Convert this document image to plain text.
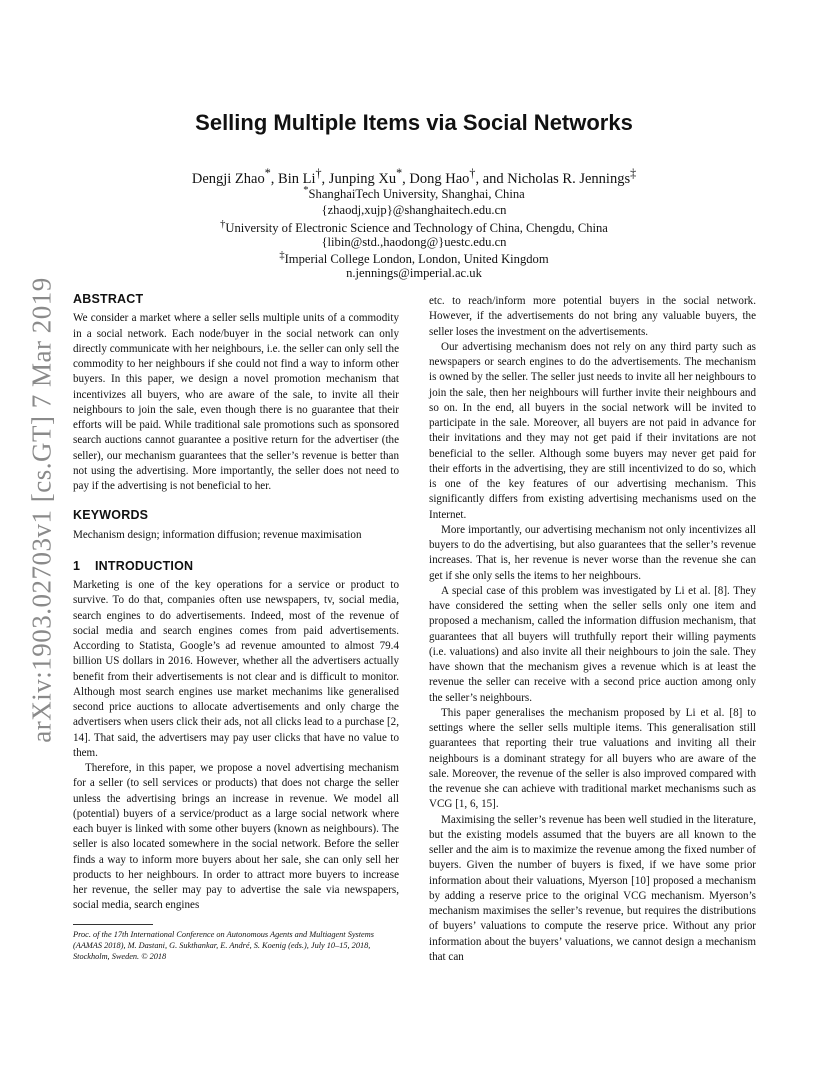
arXiv:1903.02703v1 [cs.GT] 7 Mar 2019
Selling Multiple Items via Social Networks
Dengji Zhao*, Bin Li†, Junping Xu*, Dong Hao†, and Nicholas R. Jennings‡
*ShanghaiTech University, Shanghai, China
{zhaodj,xujp}@shanghaitech.edu.cn
†University of Electronic Science and Technology of China, Chengdu, China
{libin@std.,haodong@}uestc.edu.cn
‡Imperial College London, London, United Kingdom
n.jennings@imperial.ac.uk
ABSTRACT

We consider a market where a seller sells multiple units of a commodity in a social network. Each node/buyer in the social network can only directly communicate with her neighbours, i.e. the seller can only sell the commodity to her neighbours if she could not find a way to inform other buyers. In this paper, we design a novel promotion mechanism that incentivizes all buyers, who are aware of the sale, to invite all their neighbours to join the sale, even though there is no guarantee that their efforts will be paid. While traditional sale promotions such as sponsored search auctions cannot guarantee a positive return for the advertiser (the seller), our mechanism guarantees that the seller’s revenue is better than not using the advertising. More importantly, the seller does not need to pay if the advertising is not beneficial to her.

KEYWORDS

Mechanism design; information diffusion; revenue maximisation

1 INTRODUCTION

Marketing is one of the key operations for a service or product to survive. To do that, companies often use newspapers, tv, social media, search engines to do advertisements. Indeed, most of the revenue of social media and search engines comes from paid advertisements. According to Statista, Google’s ad revenue amounted to almost 79.4 billion US dollars in 2016. However, whether all the advertisers actually benefit from their advertisements is not clear and is difficult to monitor. Although most search engines use market mechanims like generalised second price auctions to allocate advertisements and only charge the advertisers when users click their ads, not all clicks lead to a purchase [2, 14]. That said, the advertisers may pay user clicks that have no value to them.

Therefore, in this paper, we propose a novel advertising mechanism for a seller (to sell services or products) that does not charge the seller unless the advertising brings an increase in revenue. We model all (potential) buyers of a service/product as a large social network where each buyer is linked with some other buyers (known as neighbours). The seller is also located somewhere in the social network. Before the seller finds a way to inform more buyers about her sale, she can only sell her products to her neighbours. In order to attract more buyers to increase her revenue, the seller may pay to advertise the sale via newspapers, social media, search engines

Proc. of the 17th International Conference on Autonomous Agents and Multiagent Systems (AAMAS 2018), M. Dastani, G. Sukthankar, E. André, S. Koenig (eds.), July 10–15, 2018, Stockholm, Sweden. © 2018

etc. to reach/inform more potential buyers in the social network. However, if the advertisements do not bring any valuable buyers, the seller loses the investment on the advertisements.

Our advertising mechanism does not rely on any third party such as newspapers or search engines to do the advertisements. The mechanism is owned by the seller. The seller just needs to invite all her neighbours to join the sale, then her neighbours will further invite their neighbours and so on. In the end, all buyers in the social network will be invited to participate in the sale. Moreover, all buyers are not paid in advance for their invitations and they may not get paid if their invitations are not beneficial to the seller. Although some buyers may never get paid for their efforts in the advertising, they are still incentivized to do so, which is one of the key features of our advertising mechanism. This significantly differs from existing advertising mechanisms used on the Internet.

More importantly, our advertising mechanism not only incentivizes all buyers to do the advertising, but also guarantees that the seller’s revenue increases. That is, her revenue is never worse than the revenue she can get if she only sells the items to her neighbours.

A special case of this problem was investigated by Li et al. [8]. They have considered the setting when the seller sells only one item and proposed a mechanism, called the information diffusion mechanism, that guarantees that all buyers will truthfully report their willing payments (i.e. valuations) and also invite all their neighbours to join the sale. They have shown that the mechanism gives a revenue which is at least the revenue the seller can receive with a second price auction among only the seller’s neighbours.

This paper generalises the mechanism proposed by Li et al. [8] to settings where the seller sells multiple items. This generalisation still guarantees that reporting their true valuations and inviting all their neighbours is a dominant strategy for all buyers who are aware of the sale. Moreover, the revenue of the seller is also improved compared with the revenue she can achieve with traditional market mechanisms such as VCG [1, 6, 15].

Maximising the seller’s revenue has been well studied in the literature, but the existing models assumed that the buyers are all known to the seller and the aim is to maximize the revenue among the fixed number of buyers. Given the number of buyers is fixed, if we have some prior information about their valuations, Myerson [10] proposed a mechanism by adding a reserve price to the original VCG mechanism. Myerson’s mechanism maximises the seller’s revenue, but requires the distributions of buyers’ valuations to compute the reserve price. Without any prior information about the buyers’ valuations, we cannot design a mechanism that can
